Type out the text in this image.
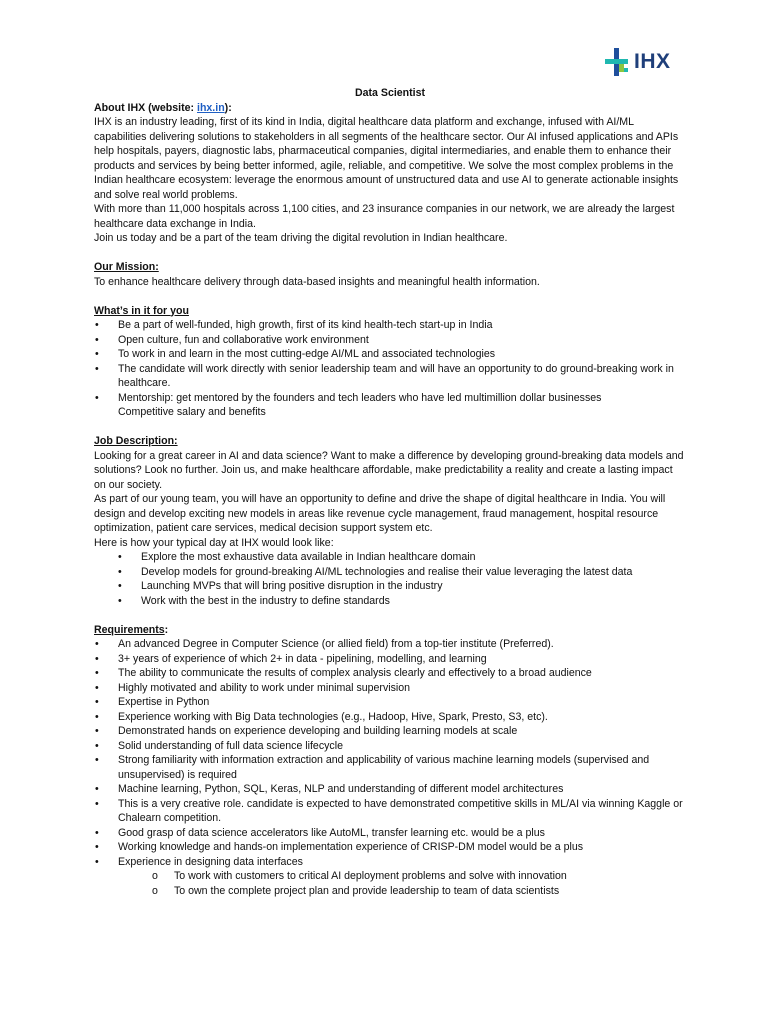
IHX

Data Scientist

About IHX (website: ihx.in):

IHX is an industry leading, first of its kind in India, digital healthcare data platform and exchange, infused with AI/ML capabilities delivering solutions to stakeholders in all segments of the healthcare sector. Our AI infused applications and APIs help hospitals, payers, diagnostic labs, pharmaceutical companies, digital intermediaries, and enable them to enhance their products and services by being better informed, agile, reliable, and competitive. We solve the most complex problems in the Indian healthcare ecosystem: leverage the enormous amount of unstructured data and use AI to generate actionable insights and solve real world problems.

With more than 11,000 hospitals across 1,100 cities, and 23 insurance companies in our network, we are already the largest healthcare data exchange in India.

Join us today and be a part of the team driving the digital revolution in Indian healthcare.

Our Mission:

To enhance healthcare delivery through data-based insights and meaningful health information.

What’s in it for you

• Be a part of well-funded, high growth, first of its kind health-tech start-up in India
• Open culture, fun and collaborative work environment
• To work in and learn in the most cutting-edge AI/ML and associated technologies
• The candidate will work directly with senior leadership team and will have an opportunity to do ground-breaking work in healthcare.
• Mentorship: get mentored by the founders and tech leaders who have led multimillion dollar businesses

Competitive salary and benefits

Job Description:

Looking for a great career in AI and data science? Want to make a difference by developing ground-breaking data models and solutions? Look no further. Join us, and make healthcare affordable, make predictability a reality and create a lasting impact on our society.

As part of our young team, you will have an opportunity to define and drive the shape of digital healthcare in India. You will design and develop exciting new models in areas like revenue cycle management, fraud management, hospital resource optimization, patient care services, medical decision support system etc.

Here is how your typical day at IHX would look like:

• Explore the most exhaustive data available in Indian healthcare domain
• Develop models for ground-breaking AI/ML technologies and realise their value leveraging the latest data
• Launching MVPs that will bring positive disruption in the industry
• Work with the best in the industry to define standards

Requirements:

• An advanced Degree in Computer Science (or allied field) from a top-tier institute (Preferred).
• 3+ years of experience of which 2+ in data - pipelining, modelling, and learning
• The ability to communicate the results of complex analysis clearly and effectively to a broad audience
• Highly motivated and ability to work under minimal supervision
• Expertise in Python
• Experience working with Big Data technologies (e.g., Hadoop, Hive, Spark, Presto, S3, etc).
• Demonstrated hands on experience developing and building learning models at scale
• Solid understanding of full data science lifecycle
• Strong familiarity with information extraction and applicability of various machine learning models (supervised and unsupervised) is required
• Machine learning, Python, SQL, Keras, NLP and understanding of different model architectures
• This is a very creative role. candidate is expected to have demonstrated competitive skills in ML/AI via winning Kaggle or Chalearn competition.
• Good grasp of data science accelerators like AutoML, transfer learning etc. would be a plus
• Working knowledge and hands-on implementation experience of CRISP-DM model would be a plus
• Experience in designing data interfaces
o To work with customers to critical AI deployment problems and solve with innovation
o To own the complete project plan and provide leadership to team of data scientists
